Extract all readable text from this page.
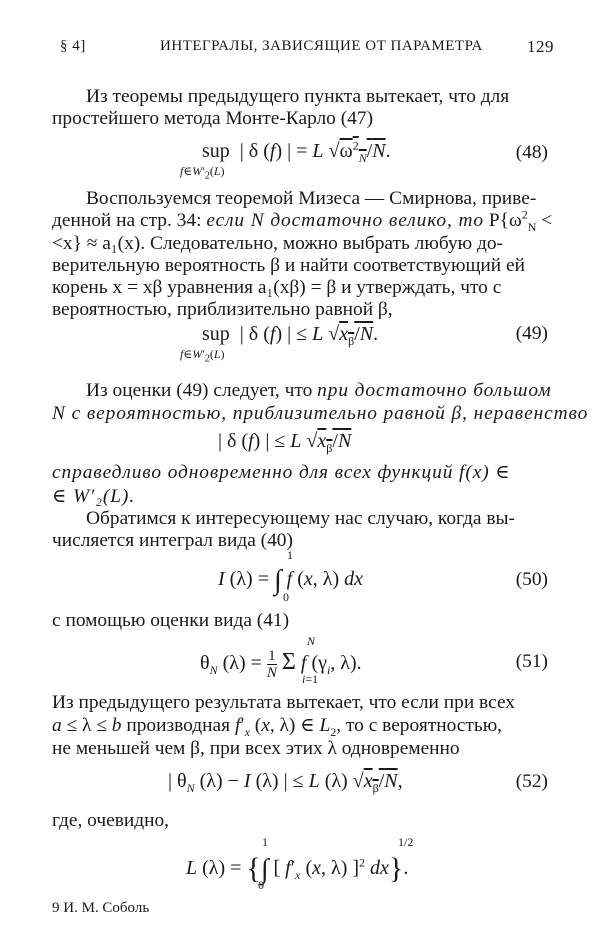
§ 4]	ИНТЕГРАЛЫ, ЗАВИСЯЩИЕ ОТ ПАРАМЕТРА	129
Из теоремы предыдущего пункта вытекает, что для
простейшего метода Монте-Карло (47)
sup  | δ (f) | = L $√\omega^2_N/N$.
$f\in W'_2(L)$
(48)
Воспользуемся теоремой Мизеса — Смирнова, приве-
денной на стр. 34: если N достаточно велико, то $P\{\omega^2_N$ <
<x} ≈ a₁(x). Следовательно, можно выбрать любую до-
верительную вероятность β и найти соответствующий ей
корень x = xβ уравнения a₁(xβ) = β и утверждать, что с
вероятностью, приблизительно равной β,
sup  | δ (f) | ≤ L $√x_\beta/N$.
$f\in W'_2(L)$
(49)
Из оценки (49) следует, что при достаточно большом
N с вероятностью, приблизительно равной β, неравенство
| δ (f) | ≤ L $√x_\beta/N$
справедливо одновременно для всех функций f(x) ∈
∈ W′₂(L).
Обратимся к интересующему нас случаю, когда вы-
числяется интеграл вида (40)
1
I (λ) = ∫ f (x, λ) dx
0
(50)
с помощью оценки вида (41)
N
$\theta_N$ $(\lambda) = \frac{1}{N}$ Σ f ($\gamma_i$, λ).
i=1
(51)
Из предыдущего результата вытекает, что если при всех
a ≤ λ ≤ b производная $f'_x$ (x, λ) ∈ $L_2$, то с вероятностью,
не меньшей чем β, при всех этих λ одновременно
| $\theta_N$ (λ) − I (λ) | ≤ L (λ) $√x_\beta/N$,	(52)
где, очевидно,
1	1/2
L (λ) = {∫ [ $f'_x$ (x, λ) ]$^2$ dx}.
0
9 И. М. Соболь
